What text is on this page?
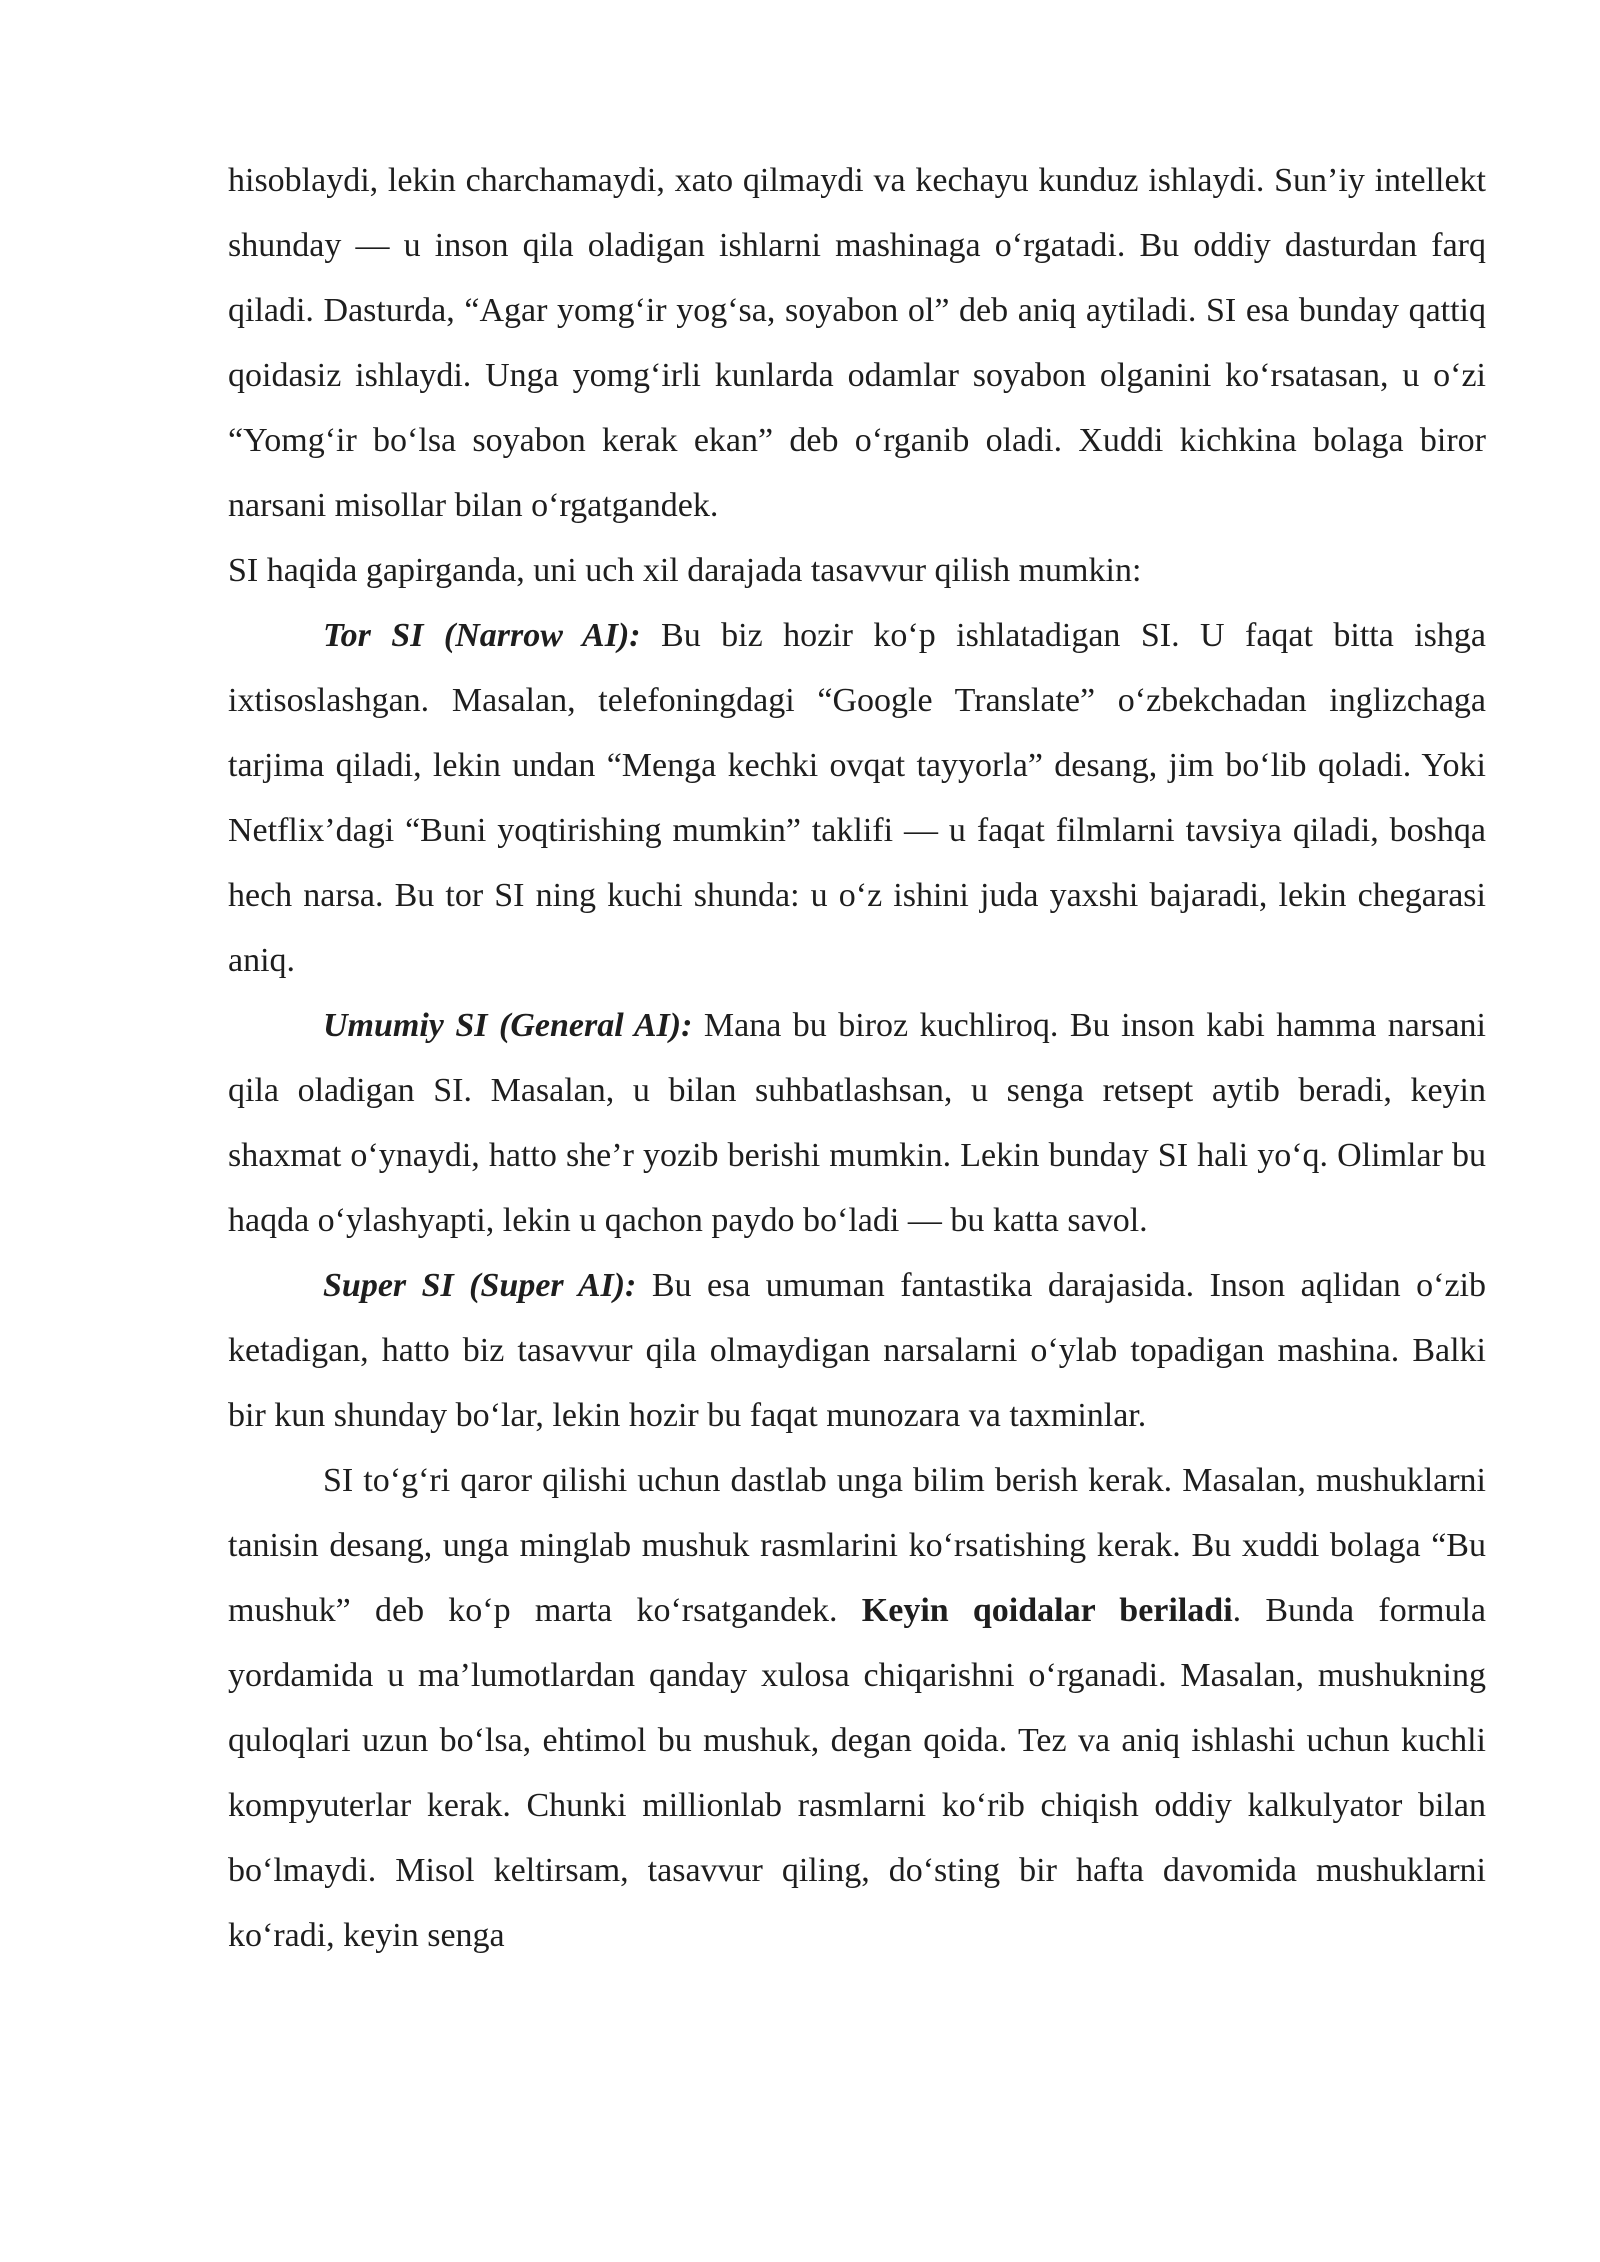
hisoblaydi, lekin charchamaydi, xato qilmaydi va kechayu kunduz ishlaydi. Sun’iy intellekt shunday — u inson qila oladigan ishlarni mashinaga o‘rgatadi. Bu oddiy dasturdan farq qiladi. Dasturda, “Agar yomg‘ir yog‘sa, soyabon ol” deb aniq aytiladi. SI esa bunday qattiq qoidasiz ishlaydi. Unga yomg‘irli kunlarda odamlar soyabon olganini ko‘rsatasan, u o‘zi “Yomg‘ir bo‘lsa soyabon kerak ekan” deb o‘rganib oladi. Xuddi kichkina bolaga biror narsani misollar bilan o‘rgatgandek.

SI haqida gapirganda, uni uch xil darajada tasavvur qilish mumkin:

Tor SI (Narrow AI): Bu biz hozir ko‘p ishlatadigan SI. U faqat bitta ishga ixtisoslashgan. Masalan, telefoningdagi “Google Translate” o‘zbekchadan inglizchaga tarjima qiladi, lekin undan “Menga kechki ovqat tayyorla” desang, jim bo‘lib qoladi. Yoki Netflix’dagi “Buni yoqtirishing mumkin” taklifi — u faqat filmlarni tavsiya qiladi, boshqa hech narsa. Bu tor SI ning kuchi shunda: u o‘z ishini juda yaxshi bajaradi, lekin chegarasi aniq.

Umumiy SI (General AI): Mana bu biroz kuchliroq. Bu inson kabi hamma narsani qila oladigan SI. Masalan, u bilan suhbatlashsan, u senga retsept aytib beradi, keyin shaxmat o‘ynaydi, hatto she’r yozib berishi mumkin. Lekin bunday SI hali yo‘q. Olimlar bu haqda o‘ylashyapti, lekin u qachon paydo bo‘ladi — bu katta savol.

Super SI (Super AI): Bu esa umuman fantastika darajasida. Inson aqlidan o‘zib ketadigan, hatto biz tasavvur qila olmaydigan narsalarni o‘ylab topadigan mashina. Balki bir kun shunday bo‘lar, lekin hozir bu faqat munozara va taxminlar.

SI to‘g‘ri qaror qilishi uchun dastlab unga bilim berish kerak. Masalan, mushuklarni tanisin desang, unga minglab mushuk rasmlarini ko‘rsatishing kerak. Bu xuddi bolaga “Bu mushuk” deb ko‘p marta ko‘rsatgandek. Keyin qoidalar beriladi. Bunda formula yordamida u ma’lumotlardan qanday xulosa chiqarishni o‘rganadi. Masalan, mushukning quloqlari uzun bo‘lsa, ehtimol bu mushuk, degan qoida. Tez va aniq ishlashi uchun kuchli kompyuterlar kerak. Chunki millionlab rasmlarni ko‘rib chiqish oddiy kalkulyator bilan bo‘lmaydi. Misol keltirsam, tasavvur qiling, do‘sting bir hafta davomida mushuklarni ko‘radi, keyin senga
